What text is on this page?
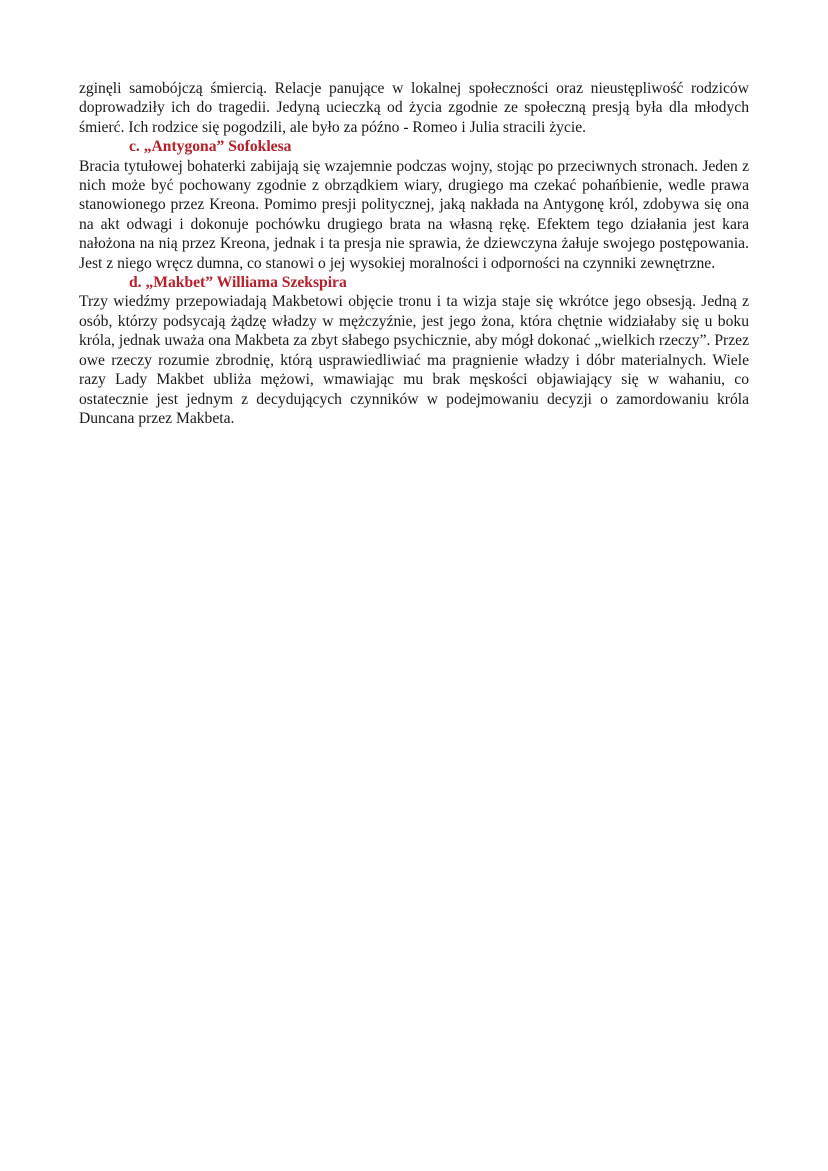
zginęli samobójczą śmiercią. Relacje panujące w lokalnej społeczności oraz nieustępliwość rodziców doprowadziły ich do tragedii. Jedyną ucieczką od życia zgodnie ze społeczną presją była dla młodych śmierć. Ich rodzice się pogodzili, ale było za późno - Romeo i Julia stracili życie.

c. „Antygona” Sofoklesa

Bracia tytułowej bohaterki zabijają się wzajemnie podczas wojny, stojąc po przeciwnych stronach. Jeden z nich może być pochowany zgodnie z obrządkiem wiary, drugiego ma czekać pohańbienie, wedle prawa stanowionego przez Kreona. Pomimo presji politycznej, jaką nakłada na Antygonę król, zdobywa się ona na akt odwagi i dokonuje pochówku drugiego brata na własną rękę. Efektem tego działania jest kara nałożona na nią przez Kreona, jednak i ta presja nie sprawia, że dziewczyna żałuje swojego postępowania. Jest z niego wręcz dumna, co stanowi o jej wysokiej moralności i odporności na czynniki zewnętrzne.

d. „Makbet” Williama Szekspira

Trzy wiedźmy przepowiadają Makbetowi objęcie tronu i ta wizja staje się wkrótce jego obsesją. Jedną z osób, którzy podsycają żądzę władzy w mężczyźnie, jest jego żona, która chętnie widziałaby się u boku króla, jednak uważa ona Makbeta za zbyt słabego psychicznie, aby mógł dokonać „wielkich rzeczy”. Przez owe rzeczy rozumie zbrodnię, którą usprawiedliwiać ma pragnienie władzy i dóbr materialnych. Wiele razy Lady Makbet ubliża mężowi, wmawiając mu brak męskości objawiający się w wahaniu, co ostatecznie jest jednym z decydujących czynników w podejmowaniu decyzji o zamordowaniu króla Duncana przez Makbeta.
